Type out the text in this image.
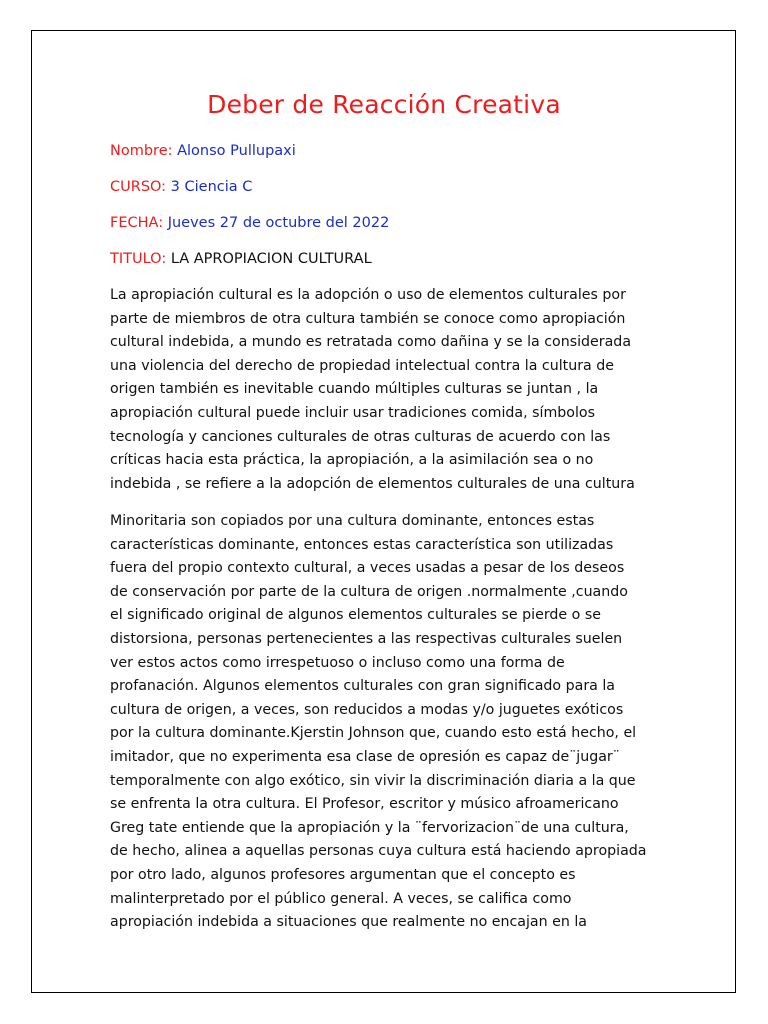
Deber de Reacción Creativa
Nombre: Alonso Pullupaxi
CURSO: 3 Ciencia C
FECHA: Jueves 27 de octubre del 2022
TITULO: LA APROPIACION CULTURAL
La apropiación cultural es la adopción o uso de elementos culturales por
parte de miembros de otra cultura también se conoce como apropiación
cultural indebida, a mundo es retratada como dañina y se la considerada
una violencia del derecho de propiedad intelectual contra la cultura de
origen también es inevitable cuando múltiples culturas se juntan , la
apropiación cultural puede incluir usar tradiciones comida, símbolos
tecnología y canciones culturales de otras culturas de acuerdo con las
críticas hacia esta práctica, la apropiación, a la asimilación sea o no
indebida , se refiere a la adopción de elementos culturales de una cultura
Minoritaria son copiados por una cultura dominante, entonces estas
características dominante, entonces estas característica son utilizadas
fuera del propio contexto cultural, a veces usadas a pesar de los deseos
de conservación por parte de la cultura de origen .normalmente ,cuando
el significado original de algunos elementos culturales se pierde o se
distorsiona, personas pertenecientes a las respectivas culturales suelen
ver estos actos como irrespetuoso o incluso como una forma de
profanación. Algunos elementos culturales con gran significado para la
cultura de origen, a veces, son reducidos a modas y/o juguetes exóticos
por la cultura dominante.Kjerstin Johnson que, cuando esto está hecho, el
imitador, que no experimenta esa clase de opresión es capaz de¨jugar¨
temporalmente con algo exótico, sin vivir la discriminación diaria a la que
se enfrenta la otra cultura. El Profesor, escritor y músico afroamericano
Greg tate entiende que la apropiación y la ¨fervorizacion¨de una cultura,
de hecho, alinea a aquellas personas cuya cultura está haciendo apropiada
por otro lado, algunos profesores argumentan que el concepto es
malinterpretado por el público general. A veces, se califica como
apropiación indebida a situaciones que realmente no encajan en la
